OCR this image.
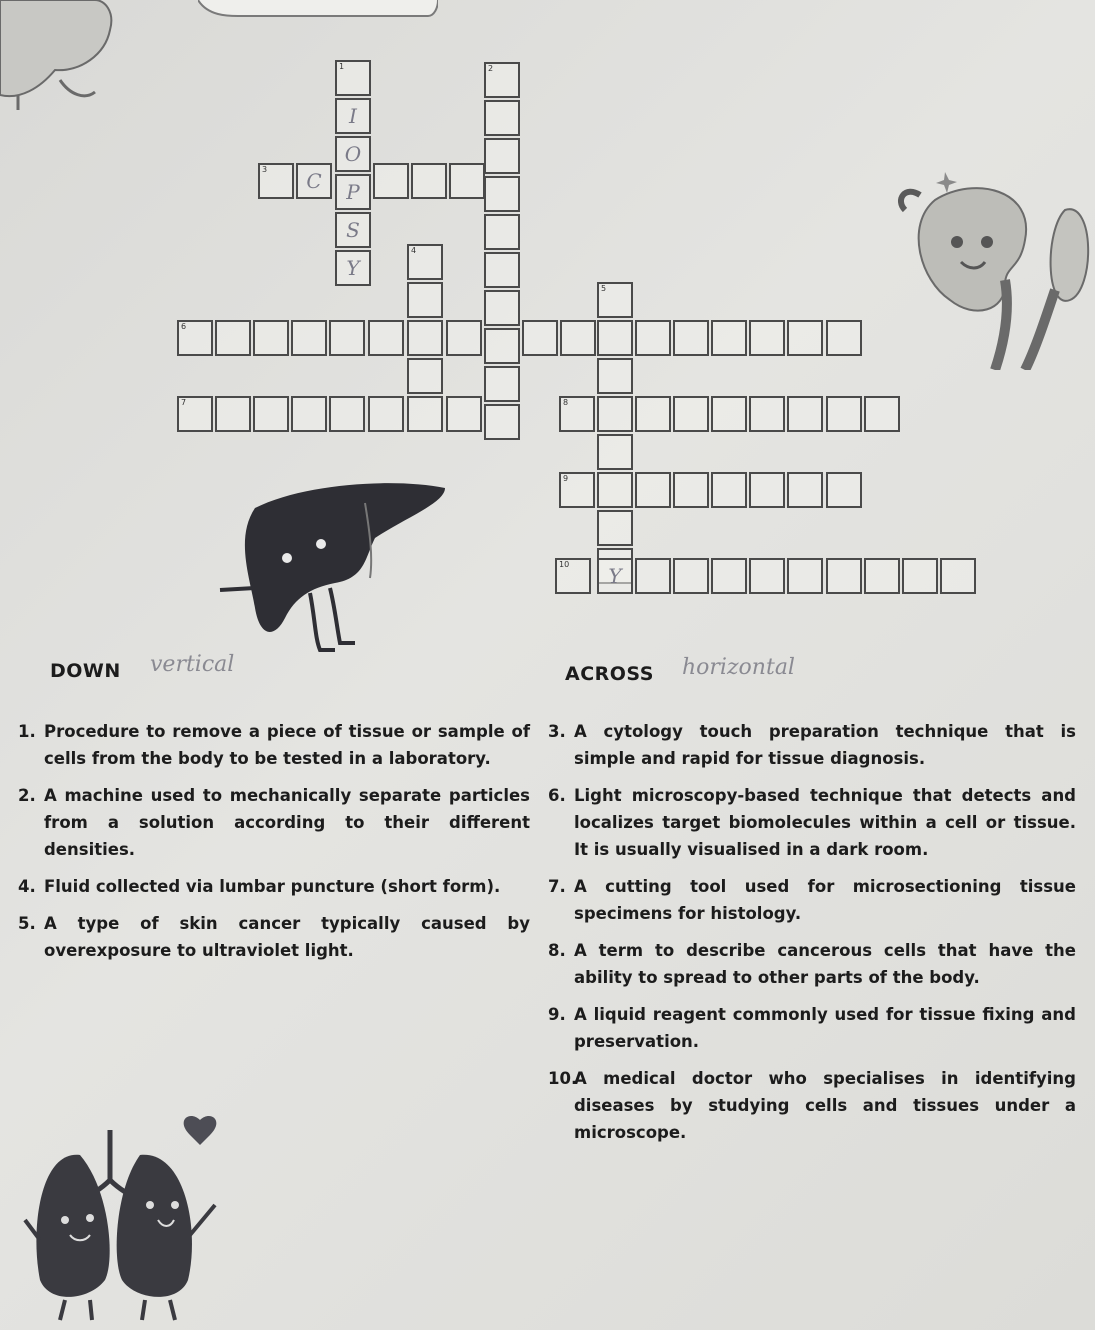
1
I
O
P
S
Y
2
3	C
4
5
6
7	8
9
10	Y
DOWN vertical	ACROSS horizontal
1. Procedure to remove a piece of tissue or sample of cells from the body to be tested in a laboratory.
2. A machine used to mechanically separate particles from a solution according to their different densities.
4. Fluid collected via lumbar puncture (short form).
5. A type of skin cancer typically caused by overexposure to ultraviolet light.
3. A cytology touch preparation technique that is simple and rapid for tissue diagnosis.
6. Light microscopy-based technique that detects and localizes target biomolecules within a cell or tissue. It is usually visualised in a dark room.
7. A cutting tool used for microsectioning tissue specimens for histology.
8. A term to describe cancerous cells that have the ability to spread to other parts of the body.
9. A liquid reagent commonly used for tissue fixing and preservation.
10.
A medical doctor who specialises in identifying diseases by studying cells and tissues under a microscope.
